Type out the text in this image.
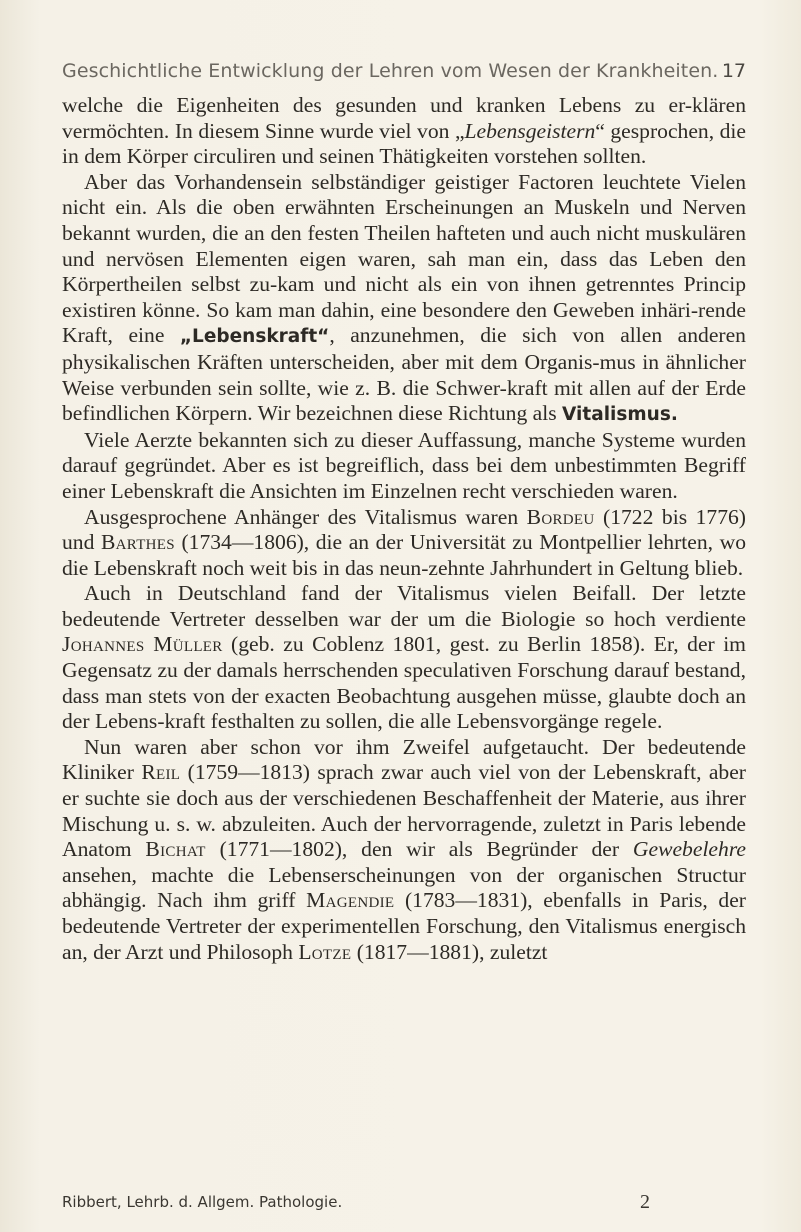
Geschichtliche Entwicklung der Lehren vom Wesen der Krankheiten. 17

welche die Eigenheiten des gesunden und kranken Lebens zu er-klären vermöchten. In diesem Sinne wurde viel von „Lebensgeistern“ gesprochen, die in dem Körper circuliren und seinen Thätigkeiten vorstehen sollten.

Aber das Vorhandensein selbständiger geistiger Factoren leuchtete Vielen nicht ein. Als die oben erwähnten Erscheinungen an Muskeln und Nerven bekannt wurden, die an den festen Theilen hafteten und auch nicht muskulären und nervösen Elementen eigen waren, sah man ein, dass das Leben den Körpertheilen selbst zu-kam und nicht als ein von ihnen getrenntes Princip existiren könne. So kam man dahin, eine besondere den Geweben inhäri-rende Kraft, eine „Lebenskraft“, anzunehmen, die sich von allen anderen physikalischen Kräften unterscheiden, aber mit dem Organis-mus in ähnlicher Weise verbunden sein sollte, wie z. B. die Schwer-kraft mit allen auf der Erde befindlichen Körpern. Wir bezeichnen diese Richtung als Vitalismus.

Viele Aerzte bekannten sich zu dieser Auffassung, manche Systeme wurden darauf gegründet. Aber es ist begreiflich, dass bei dem unbestimmten Begriff einer Lebenskraft die Ansichten im Einzelnen recht verschieden waren.

Ausgesprochene Anhänger des Vitalismus waren Bordeu (1722 bis 1776) und Barthes (1734—1806), die an der Universität zu Montpellier lehrten, wo die Lebenskraft noch weit bis in das neun-zehnte Jahrhundert in Geltung blieb.

Auch in Deutschland fand der Vitalismus vielen Beifall. Der letzte bedeutende Vertreter desselben war der um die Biologie so hoch verdiente Johannes Müller (geb. zu Coblenz 1801, gest. zu Berlin 1858). Er, der im Gegensatz zu der damals herrschenden speculativen Forschung darauf bestand, dass man stets von der exacten Beobachtung ausgehen müsse, glaubte doch an der Lebens-kraft festhalten zu sollen, die alle Lebensvorgänge regele.

Nun waren aber schon vor ihm Zweifel aufgetaucht. Der bedeutende Kliniker Reil (1759—1813) sprach zwar auch viel von der Lebenskraft, aber er suchte sie doch aus der verschiedenen Beschaffenheit der Materie, aus ihrer Mischung u. s. w. abzuleiten. Auch der hervorragende, zuletzt in Paris lebende Anatom Bichat (1771—1802), den wir als Begründer der Gewebelehre ansehen, machte die Lebenserscheinungen von der organischen Structur abhängig. Nach ihm griff Magendie (1783—1831), ebenfalls in Paris, der bedeutende Vertreter der experimentellen Forschung, den Vitalismus energisch an, der Arzt und Philosoph Lotze (1817—1881), zuletzt

Ribbert, Lehrb. d. Allgem. Pathologie.	2
